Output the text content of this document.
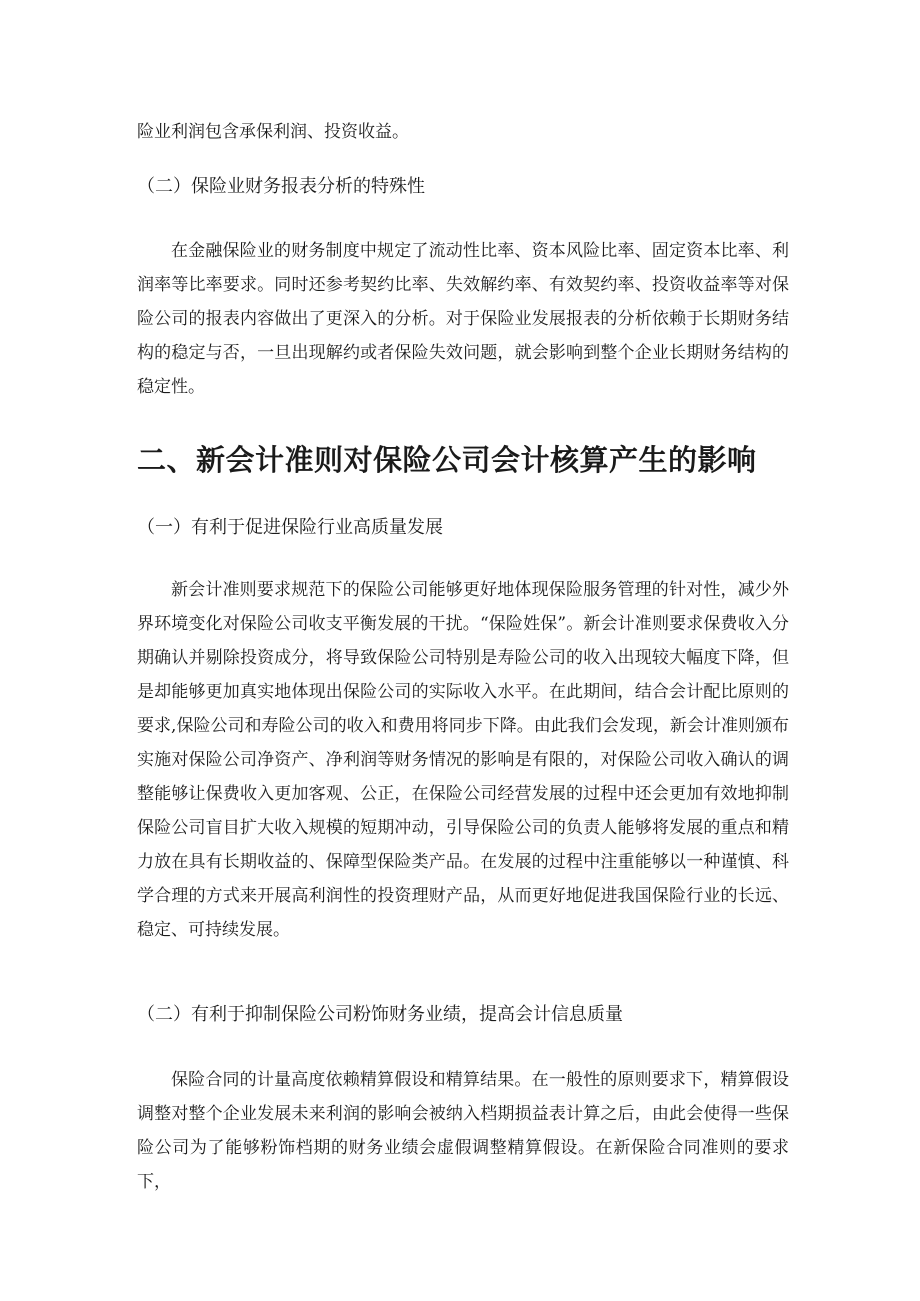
险业利润包含承保利润、投资收益。

（二）保险业财务报表分析的特殊性

在金融保险业的财务制度中规定了流动性比率、资本风险比率、固定资本比率、利润率等比率要求。同时还参考契约比率、失效解约率、有效契约率、投资收益率等对保险公司的报表内容做出了更深入的分析。对于保险业发展报表的分析依赖于长期财务结构的稳定与否，一旦出现解约或者保险失效问题，就会影响到整个企业长期财务结构的稳定性。

二、新会计准则对保险公司会计核算产生的影响

（一）有利于促进保险行业高质量发展

新会计准则要求规范下的保险公司能够更好地体现保险服务管理的针对性，减少外界环境变化对保险公司收支平衡发展的干扰。“保险姓保”。新会计准则要求保费收入分期确认并剔除投资成分，将导致保险公司特别是寿险公司的收入出现较大幅度下降，但是却能够更加真实地体现出保险公司的实际收入水平。在此期间，结合会计配比原则的要求,保险公司和寿险公司的收入和费用将同步下降。由此我们会发现，新会计准则颁布实施对保险公司净资产、净利润等财务情况的影响是有限的，对保险公司收入确认的调整能够让保费收入更加客观、公正，在保险公司经营发展的过程中还会更加有效地抑制保险公司盲目扩大收入规模的短期冲动，引导保险公司的负责人能够将发展的重点和精力放在具有长期收益的、保障型保险类产品。在发展的过程中注重能够以一种谨慎、科学合理的方式来开展高利润性的投资理财产品，从而更好地促进我国保险行业的长远、稳定、可持续发展。

（二）有利于抑制保险公司粉饰财务业绩，提高会计信息质量

保险合同的计量高度依赖精算假设和精算结果。在一般性的原则要求下，精算假设调整对整个企业发展未来利润的影响会被纳入档期损益表计算之后，由此会使得一些保险公司为了能够粉饰档期的财务业绩会虚假调整精算假设。在新保险合同准则的要求下，
